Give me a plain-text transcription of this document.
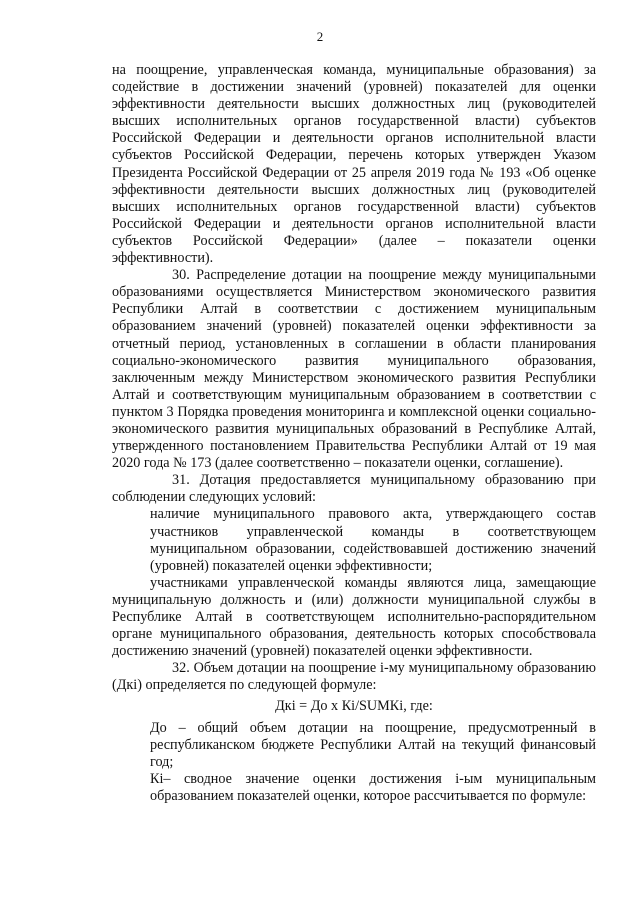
2

на поощрение, управленческая команда, муниципальные образования) за содействие в достижении значений (уровней) показателей для оценки эффективности деятельности высших должностных лиц (руководителей высших исполнительных органов государственной власти) субъектов Российской Федерации и деятельности органов исполнительной власти субъектов Российской Федерации, перечень которых утвержден Указом Президента Российской Федерации от 25 апреля 2019 года № 193 «Об оценке эффективности деятельности высших должностных лиц (руководителей высших исполнительных органов государственной власти) субъектов Российской Федерации и деятельности органов исполнительной власти субъектов Российской Федерации» (далее – показатели оценки эффективности).

30. Распределение дотации на поощрение между муниципальными образованиями осуществляется Министерством экономического развития Республики Алтай в соответствии с достижением муниципальным образованием значений (уровней) показателей оценки эффективности за отчетный период, установленных в соглашении в области планирования социально-экономического развития муниципального образования, заключенным между Министерством экономического развития Республики Алтай и соответствующим муниципальным образованием в соответствии с пунктом 3 Порядка проведения мониторинга и комплексной оценки социально-экономического развития муниципальных образований в Республике Алтай, утвержденного постановлением Правительства Республики Алтай от 19 мая 2020 года № 173 (далее соответственно – показатели оценки, соглашение).

31. Дотация предоставляется муниципальному образованию при соблюдении следующих условий:

наличие муниципального правового акта, утверждающего состав участников управленческой команды в соответствующем муниципальном образовании, содействовавшей достижению значений (уровней) показателей оценки эффективности;

участниками управленческой команды являются лица, замещающие муниципальную должность и (или) должности муниципальной службы в Республике Алтай в соответствующем исполнительно-распорядительном органе муниципального образования, деятельность которых способствовала достижению значений (уровней) показателей оценки эффективности.

32. Объем дотации на поощрение i-му муниципальному образованию (Дкi) определяется по следующей формуле:

Дкi = До x Кi/SUMКi, где:

До – общий объем дотации на поощрение, предусмотренный в республиканском бюджете Республики Алтай на текущий финансовый год;

Кi– сводное значение оценки достижения i-ым муниципальным образованием показателей оценки, которое рассчитывается по формуле:
